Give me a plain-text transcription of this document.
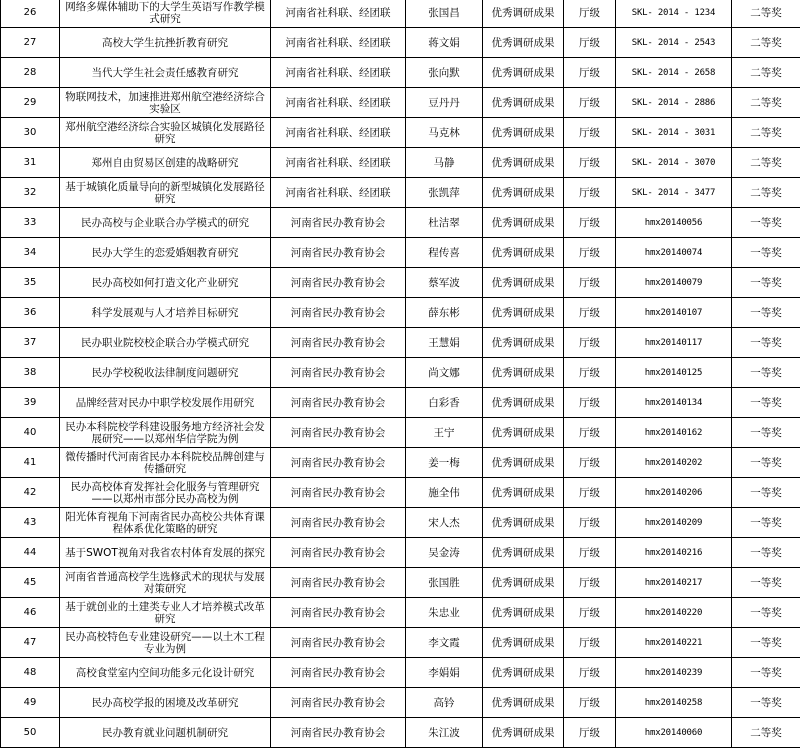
26	网络多媒体辅助下的大学生英语写作教学模式研究	河南省社科联、经团联	张国昌	优秀调研成果	厅级	SKL- 2014 - 1234	二等奖
27	高校大学生抗挫折教育研究	河南省社科联、经团联	蒋文娟	优秀调研成果	厅级	SKL- 2014 - 2543	二等奖
28	当代大学生社会责任感教育研究	河南省社科联、经团联	张向默	优秀调研成果	厅级	SKL- 2014 - 2658	二等奖
29	物联网技术，加速推进郑州航空港经济综合实验区	河南省社科联、经团联	豆丹丹	优秀调研成果	厅级	SKL- 2014 - 2886	二等奖
30	郑州航空港经济综合实验区城镇化发展路径研究	河南省社科联、经团联	马克林	优秀调研成果	厅级	SKL- 2014 - 3031	二等奖
31	郑州自由贸易区创建的战略研究	河南省社科联、经团联	马静	优秀调研成果	厅级	SKL- 2014 - 3070	二等奖
32	基于城镇化质量导向的新型城镇化发展路径研究	河南省社科联、经团联	张凯萍	优秀调研成果	厅级	SKL- 2014 - 3477	二等奖
33	民办高校与企业联合办学模式的研究	河南省民办教育协会	杜洁翠	优秀调研成果	厅级	hmx20140056	一等奖
34	民办大学生的恋爱婚姻教育研究	河南省民办教育协会	程传喜	优秀调研成果	厅级	hmx20140074	一等奖
35	民办高校如何打造文化产业研究	河南省民办教育协会	蔡军波	优秀调研成果	厅级	hmx20140079	一等奖
36	科学发展观与人才培养目标研究	河南省民办教育协会	薛东彬	优秀调研成果	厅级	hmx20140107	一等奖
37	民办职业院校校企联合办学模式研究	河南省民办教育协会	王慧娟	优秀调研成果	厅级	hmx20140117	一等奖
38	民办学校税收法律制度问题研究	河南省民办教育协会	尚文娜	优秀调研成果	厅级	hmx20140125	一等奖
39	品牌经营对民办中职学校发展作用研究	河南省民办教育协会	白彩香	优秀调研成果	厅级	hmx20140134	一等奖
40	民办本科院校学科建设服务地方经济社会发展研究——以郑州华信学院为例	河南省民办教育协会	王宁	优秀调研成果	厅级	hmx20140162	一等奖
41	微传播时代河南省民办本科院校品牌创建与传播研究	河南省民办教育协会	姜一梅	优秀调研成果	厅级	hmx20140202	一等奖
42	民办高校体育发挥社会化服务与管理研究——以郑州市部分民办高校为例	河南省民办教育协会	施全伟	优秀调研成果	厅级	hmx20140206	一等奖
43	阳光体育视角下河南省民办高校公共体育课程体系优化策略的研究	河南省民办教育协会	宋人杰	优秀调研成果	厅级	hmx20140209	一等奖
44	基于SWOT视角对我省农村体育发展的探究	河南省民办教育协会	吴金涛	优秀调研成果	厅级	hmx20140216	一等奖
45	河南省普通高校学生选修武术的现状与发展对策研究	河南省民办教育协会	张国胜	优秀调研成果	厅级	hmx20140217	一等奖
46	基于就创业的土建类专业人才培养模式改革研究	河南省民办教育协会	朱忠业	优秀调研成果	厅级	hmx20140220	一等奖
47	民办高校特色专业建设研究——以土木工程专业为例	河南省民办教育协会	李文霞	优秀调研成果	厅级	hmx20140221	一等奖
48	高校食堂室内空间功能多元化设计研究	河南省民办教育协会	李娟娟	优秀调研成果	厅级	hmx20140239	一等奖
49	民办高校学报的困境及改革研究	河南省民办教育协会	高钤	优秀调研成果	厅级	hmx20140258	一等奖
50	民办教育就业问题机制研究	河南省民办教育协会	朱江波	优秀调研成果	厅级	hmx20140060	二等奖
